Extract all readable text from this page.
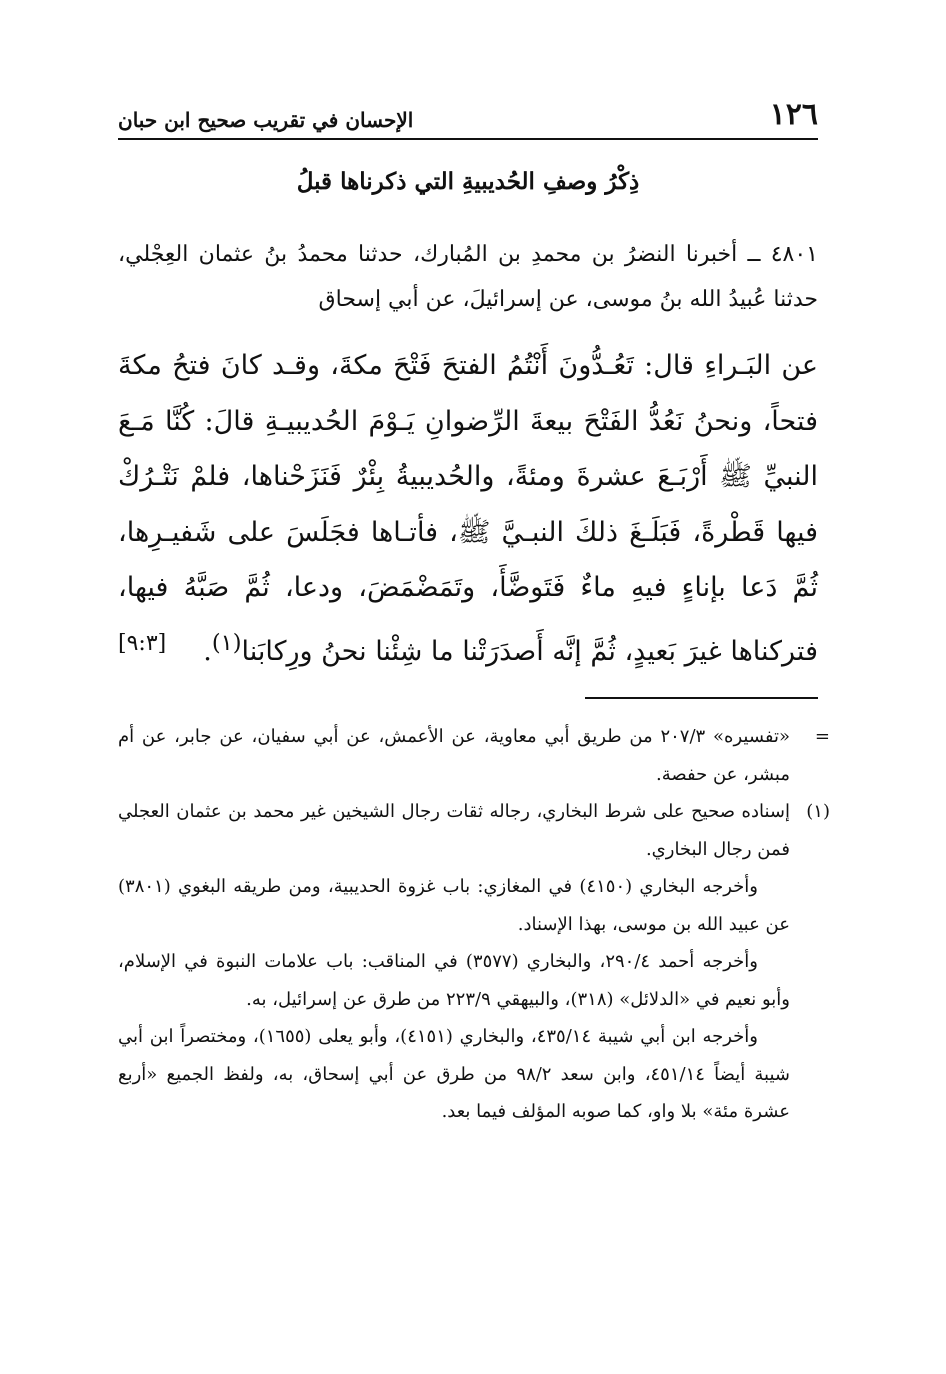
١٢٦
الإحسان في تقريب صحيح ابن حبان
ذِكْرُ وصفِ الحُديبيةِ التي ذكرناها قبلُ
٤٨٠١ ــ أخبرنا النضرُ بن محمدِ بن المُبارك، حدثنا محمدُ بنُ عثمان العِجْلي، حدثنا عُبيدُ الله بنُ موسى، عن إسرائيلَ، عن أبي إسحاق
عن البَـراءِ قال: تَعُـدُّونَ أَنْتُمُ الفتحَ فَتْحَ مكةَ، وقـد كانَ فتحُ مكةَ فتحاً، ونحنُ نَعُدُّ الفَتْحَ بيعةَ الرِّضوانِ يَـوْمَ الحُديبيـةِ قالَ: كُنَّا مَـعَ النبيِّ ﷺ أَرْبَـعَ عشرةَ ومئةً، والحُديبيةُ بِئْرٌ فَنَزَحْناها، فلمْ نَتْـرُكْ فيها قَطْرةً، فَبَلَـغَ ذلكَ النبـيَّ ﷺ، فأتـاها فجَلَسَ على شَفيـرِها، ثُمَّ دَعا بإناءٍ فيهِ ماءٌ فَتَوضَّأَ، وتَمَضْمَضَ، ودعا، ثُمَّ صَبَّهُ فيها، فتركناها غيرَ بَعيدٍ، ثُمَّ إنَّه أَصدَرَتْنا ما شِئْنا نحنُ ورِكابَنا$^{(١)}$.
[٩:٣]
=

«تفسيره» ٢٠٧/٣ من طريق أبي معاوية، عن الأعمش، عن أبي سفيان، عن جابر، عن أم مبشر، عن حفصة.

(١)

إسناده صحيح على شرط البخاري، رجاله ثقات رجال الشيخين غير محمد بن عثمان العجلي فمن رجال البخاري.

وأخرجه البخاري (٤١٥٠) في المغازي: باب غزوة الحديبية، ومن طريقه البغوي (٣٨٠١) عن عبيد الله بن موسى، بهذا الإسناد.

وأخرجه أحمد ٢٩٠/٤، والبخاري (٣٥٧٧) في المناقب: باب علامات النبوة في الإسلام، وأبو نعيم في «الدلائل» (٣١٨)، والبيهقي ٢٢٣/٩ من طرق عن إسرائيل، به.

وأخرجه ابن أبي شيبة ٤٣٥/١٤، والبخاري (٤١٥١)، وأبو يعلى (١٦٥٥)، ومختصراً ابن أبي شيبة أيضاً ٤٥١/١٤، وابن سعد ٩٨/٢ من طرق عن أبي إسحاق، به، ولفظ الجميع «أربع عشرة مئة» بلا واو، كما صوبه المؤلف فيما بعد.
